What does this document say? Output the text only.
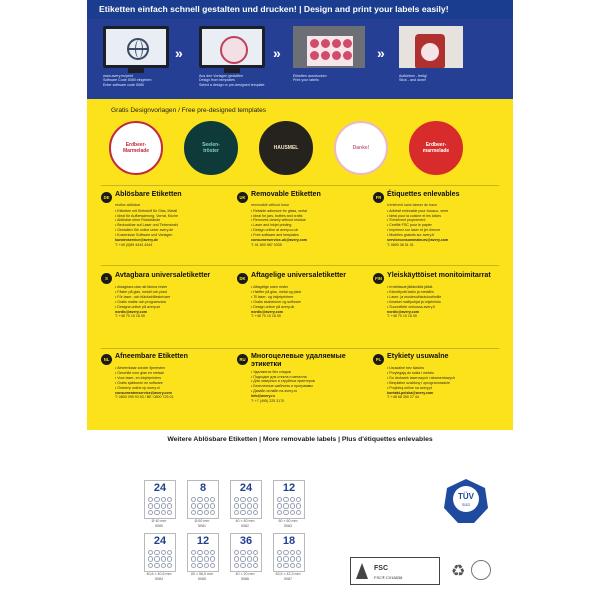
Etiketten einfach schnell gestalten und drucken! | Design and print your labels easily!
www.avery.eu/print
Software Code 5080 eingeben
Enter software code 5080
»
Aus den Vorlagen gestalten
Design from templates
Select a design or pre-designed template
»
Etiketten ausdrucken
Print your labels
»
Aufkleben - fertig!
Stick - and done!
Gratis Designvorlagen / Free pre-designed templates
Erdbeer-
Marmelade
Seelen-
tröster	HAUSMEL	Danke!	Erdbeer-
marmelade
DE Ablösbare Etiketten
restlos ablösbar
• Etiketten mit Klebstoff für Glas, Metall
• Ideal für Aufbewahrung, Vorrat, Küche
• Ablösbar ohne Rückstände
• Bedruckbar auf Laser und Tintenstrahl
• Gestalten Sie online unter avery.de
• Kostenlose Software und Vorlagen
kundenservice@avery.de
T: +49 (0)89 4444 4444
UK Removable Etiketten
removable without trace
• Reliable adhesive for glass, metal
• Ideal for jars, bottles and crafts
• Removes cleanly without residue
• Laser and inkjet printing
• Design online at avery.co.uk
• Free software and templates
consumerservice-uk@avery.com
T: 01 800 987 0335
FR Étiquettes enlevables
s'enlèvent sans laisser de trace
• Adhésif enlevable pour bocaux, verre
• Idéal pour la cuisine et les loisirs
• S'enlèvent proprement
• Certifié FSC pour le papier
• Imprimez sur laser et jet d'encre
• Modèles gratuits sur avery.fr
serviceconsommateurs@avery.com
T: 0800 36 51 01
S	Avtagbara universaletiketter
• Avtagbara utan att lämna rester
• Fäster på glas, metall och plast
• För laser- och bläckstråleskrivare
• Gratis mallar och programvara
• Designa online på avery.se
nordic@avery.com
T: +45 70 10 18 00
DK Aftagelige universaletiketter
• Aftagelige uden rester
• Hæfter på glas, metal og plast
• Til laser- og inkjetprintere
• Gratis skabeloner og software
• Design online på avery.dk
nordic@avery.com
T: +45 70 10 18 00
FIN Yleiskäyttöiset monitoimitarrat
• Irrotettavat jättämättä jälkiä
• Kiinnittyvät lasiin ja metalliin
• Laser- ja mustesuihkutulostimille
• Ilmaiset mallipohjat ja ohjelmisto
• Suunnittele verkossa avery.fi
nordic@avery.com
T: +45 70 10 18 00
NL Afneembare Etiketten
• Afneembaar zonder lijmresten
• Geschikt voor glas en metaal
• Voor laser- en inkjetprinters
• Gratis sjablonen en software
• Ontwerp online op avery.nl
consumentenservice@avery.com
T: 0800 099 93 53 / BE: 0800 725 01
RU Многоцелевые удаляемые этикетки
• Удаляются без следов
• Подходят для стекла и металла
• Для лазерных и струйных принтеров
• Бесплатные шаблоны и программы
• Дизайн онлайн на avery.ru
info@avery.ru
T: +7 (495) 225 3170
PL Etykiety usuwalne
• Usuwalne bez śladów
• Przylegają do szkła i metalu
• Do drukarek laserowych i atramentowych
• Bezpłatne szablony i oprogramowanie
• Projektuj online na avery.pl
kontakt-polska@avery.com
T: +48 68 350 27 44
Weitere Ablösbare Etiketten | More removable labels | Plus d'étiquettes enlevables
24
Ø 40 mm
5080
8
Ø 60 mm
5081
24
40 × 40 mm
5082
12
60 × 60 mm
5083
24
40,6 × 40,6 mm
5084
12
60 × 58,5 mm
5085
36
40 × 20 mm
5086
18
63,5 × 42,3 mm
5087
TÜV
SÜD
FSC
FSC® C018838	♻
